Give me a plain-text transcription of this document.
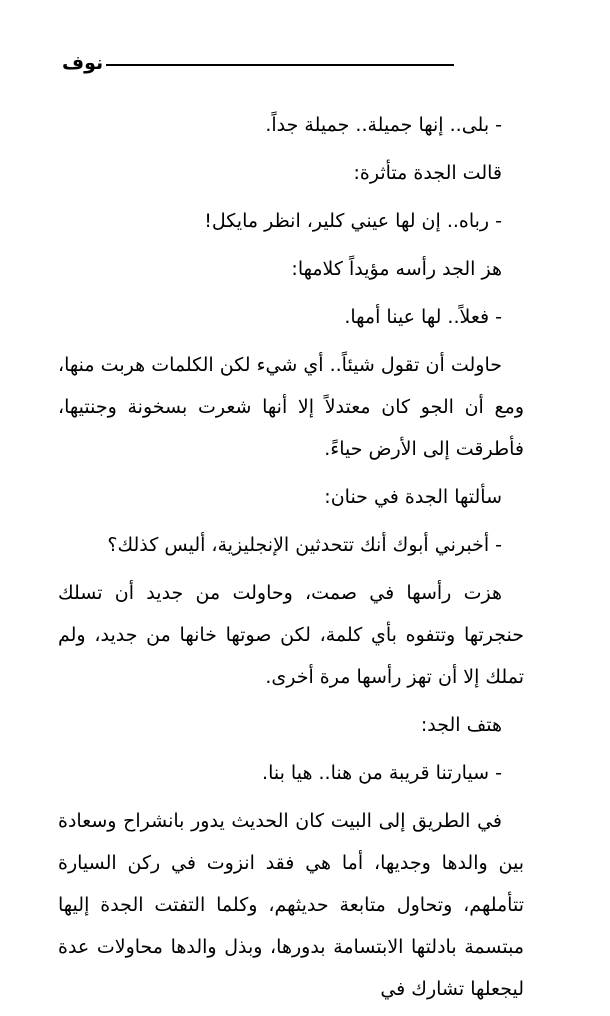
نوف

- بلى.. إنها جميلة.. جميلة جداً.

قالت الجدة متأثرة:

- رباه.. إن لها عيني كلير، انظر مايكل!

هز الجد رأسه مؤيداً كلامها:

- فعلاً.. لها عينا أمها.

حاولت أن تقول شيئاً.. أي شيء لكن الكلمات هربت منها، ومع أن الجو كان معتدلاً إلا أنها شعرت بسخونة وجنتيها، فأطرقت إلى الأرض حياءً.

سألتها الجدة في حنان:

- أخبرني أبوك أنك تتحدثين الإنجليزية، أليس كذلك؟

هزت رأسها في صمت، وحاولت من جديد أن تسلك حنجرتها وتتفوه بأي كلمة، لكن صوتها خانها من جديد، ولم تملك إلا أن تهز رأسها مرة أخرى.

هتف الجد:

- سيارتنا قريبة من هنا.. هيا بنا.

في الطريق إلى البيت كان الحديث يدور بانشراح وسعادة بين والدها وجديها، أما هي فقد انزوت في ركن السيارة تتأملهم، وتحاول متابعة حديثهم، وكلما التفتت الجدة إليها مبتسمة بادلتها الابتسامة بدورها، وبذل والدها محاولات عدة ليجعلها تشارك في
